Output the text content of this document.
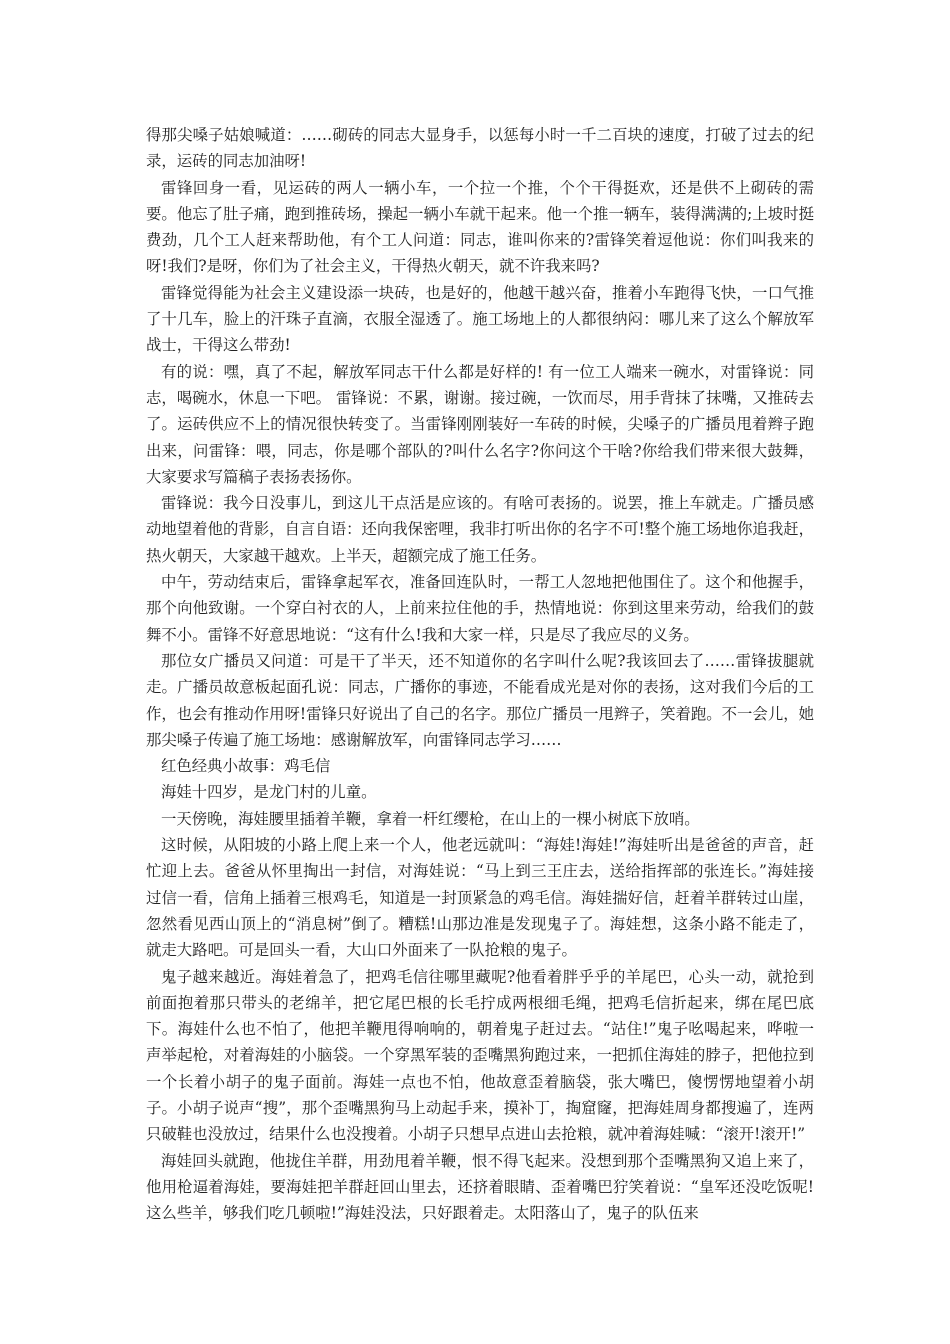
得那尖嗓子姑娘喊道：……砌砖的同志大显身手，以惩每小时一千二百块的速度，打破了过去的纪录，运砖的同志加油呀!

雷锋回身一看，见运砖的两人一辆小车，一个拉一个推，个个干得挺欢，还是供不上砌砖的需要。他忘了肚子痛，跑到推砖场，操起一辆小车就干起来。他一个推一辆车，装得满满的;上坡时挺费劲，几个工人赶来帮助他，有个工人问道：同志，谁叫你来的?雷锋笑着逗他说：你们叫我来的呀!我们?是呀，你们为了社会主义，干得热火朝天，就不许我来吗?

雷锋觉得能为社会主义建设添一块砖，也是好的，他越干越兴奋，推着小车跑得飞快，一口气推了十几车，脸上的汗珠子直滴，衣服全湿透了。施工场地上的人都很纳闷：哪儿来了这么个解放军战士，干得这么带劲!

有的说：嘿，真了不起，解放军同志干什么都是好样的! 有一位工人端来一碗水，对雷锋说：同志，喝碗水，休息一下吧。 雷锋说：不累，谢谢。接过碗，一饮而尽，用手背抹了抹嘴，又推砖去了。运砖供应不上的情况很快转变了。当雷锋刚刚装好一车砖的时候，尖嗓子的广播员甩着辫子跑出来，问雷锋：喂，同志，你是哪个部队的?叫什么名字?你问这个干啥?你给我们带来很大鼓舞，大家要求写篇稿子表扬表扬你。

雷锋说：我今日没事儿，到这儿干点活是应该的。有啥可表扬的。说罢，推上车就走。广播员感动地望着他的背影，自言自语：还向我保密哩，我非打听出你的名字不可!整个施工场地你追我赶，热火朝天，大家越干越欢。上半天，超额完成了施工任务。

中午，劳动结束后，雷锋拿起军衣，准备回连队时，一帮工人忽地把他围住了。这个和他握手，那个向他致谢。一个穿白衬衣的人，上前来拉住他的手，热情地说：你到这里来劳动，给我们的鼓舞不小。雷锋不好意思地说：“这有什么!我和大家一样，只是尽了我应尽的义务。

那位女广播员又问道：可是干了半天，还不知道你的名字叫什么呢?我该回去了……雷锋拔腿就走。广播员故意板起面孔说：同志，广播你的事迹，不能看成光是对你的表扬，这对我们今后的工作，也会有推动作用呀!雷锋只好说出了自己的名字。那位广播员一甩辫子，笑着跑。不一会儿，她那尖嗓子传遍了施工场地：感谢解放军，向雷锋同志学习……

红色经典小故事：鸡毛信

海娃十四岁，是龙门村的儿童。

一天傍晚，海娃腰里插着羊鞭，拿着一杆红缨枪，在山上的一棵小树底下放哨。

这时候，从阳坡的小路上爬上来一个人，他老远就叫：“海娃!海娃!”海娃听出是爸爸的声音，赶忙迎上去。爸爸从怀里掏出一封信，对海娃说：“马上到三王庄去，送给指挥部的张连长。”海娃接过信一看，信角上插着三根鸡毛，知道是一封顶紧急的鸡毛信。海娃揣好信，赶着羊群转过山崖，忽然看见西山顶上的“消息树”倒了。糟糕!山那边准是发现鬼子了。海娃想，这条小路不能走了，就走大路吧。可是回头一看，大山口外面来了一队抢粮的鬼子。

鬼子越来越近。海娃着急了，把鸡毛信往哪里藏呢?他看着胖乎乎的羊尾巴，心头一动，就抢到前面抱着那只带头的老绵羊，把它尾巴根的长毛拧成两根细毛绳，把鸡毛信折起来，绑在尾巴底下。海娃什么也不怕了，他把羊鞭甩得响响的，朝着鬼子赶过去。“站住!”鬼子吆喝起来，哗啦一声举起枪，对着海娃的小脑袋。一个穿黑军装的歪嘴黑狗跑过来，一把抓住海娃的脖子，把他拉到一个长着小胡子的鬼子面前。海娃一点也不怕，他故意歪着脑袋，张大嘴巴，傻愣愣地望着小胡子。小胡子说声“搜”，那个歪嘴黑狗马上动起手来，摸补丁，掏窟窿，把海娃周身都搜遍了，连两只破鞋也没放过，结果什么也没搜着。小胡子只想早点进山去抢粮，就冲着海娃喊：“滚开!滚开!”

海娃回头就跑，他拢住羊群，用劲甩着羊鞭，恨不得飞起来。没想到那个歪嘴黑狗又追上来了，他用枪逼着海娃，要海娃把羊群赶回山里去，还挤着眼睛、歪着嘴巴狞笑着说：“皇军还没吃饭呢!这么些羊，够我们吃几顿啦!”海娃没法，只好跟着走。太阳落山了，鬼子的队伍来
